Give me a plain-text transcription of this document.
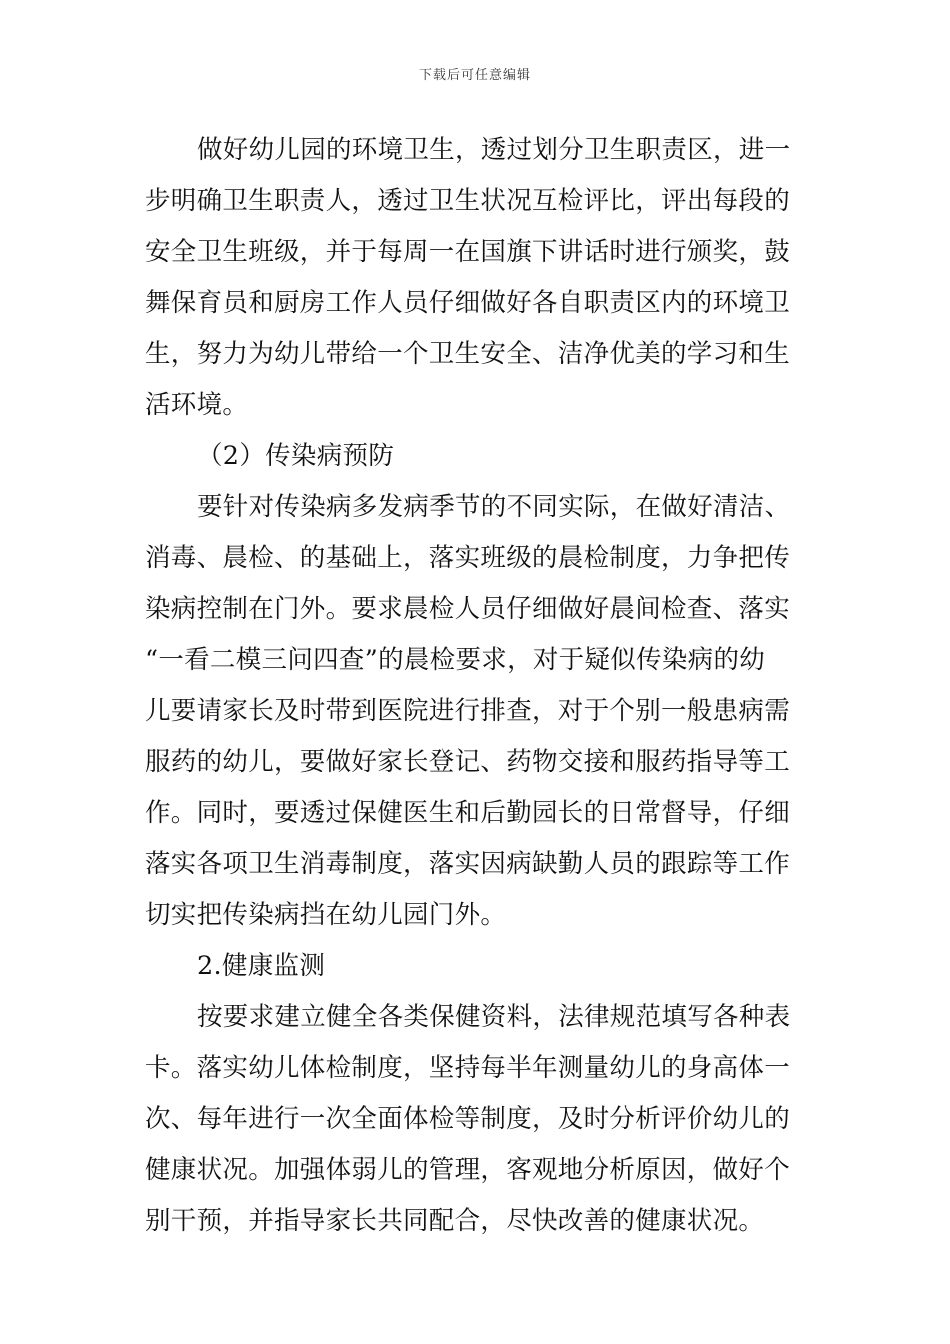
下载后可任意编辑
做好幼儿园的环境卫生，透过划分卫生职责区，进一
步明确卫生职责人，透过卫生状况互检评比，评出每段的
安全卫生班级，并于每周一在国旗下讲话时进行颁奖，鼓
舞保育员和厨房工作人员仔细做好各自职责区内的环境卫
生，努力为幼儿带给一个卫生安全、洁净优美的学习和生
活环境。
（2）传染病预防
要针对传染病多发病季节的不同实际，在做好清洁、
消毒、晨检、的基础上，落实班级的晨检制度，力争把传
染病控制在门外。要求晨检人员仔细做好晨间检查、落实
“一看二模三问四查”的晨检要求，对于疑似传染病的幼
儿要请家长及时带到医院进行排查，对于个别一般患病需
服药的幼儿，要做好家长登记、药物交接和服药指导等工
作。同时，要透过保健医生和后勤园长的日常督导，仔细
落实各项卫生消毒制度，落实因病缺勤人员的跟踪等工作
切实把传染病挡在幼儿园门外。
2.健康监测
按要求建立健全各类保健资料，法律规范填写各种表
卡。落实幼儿体检制度，坚持每半年测量幼儿的身高体一
次、每年进行一次全面体检等制度，及时分析评价幼儿的
健康状况。加强体弱儿的管理，客观地分析原因，做好个
别干预，并指导家长共同配合，尽快改善的健康状况。
